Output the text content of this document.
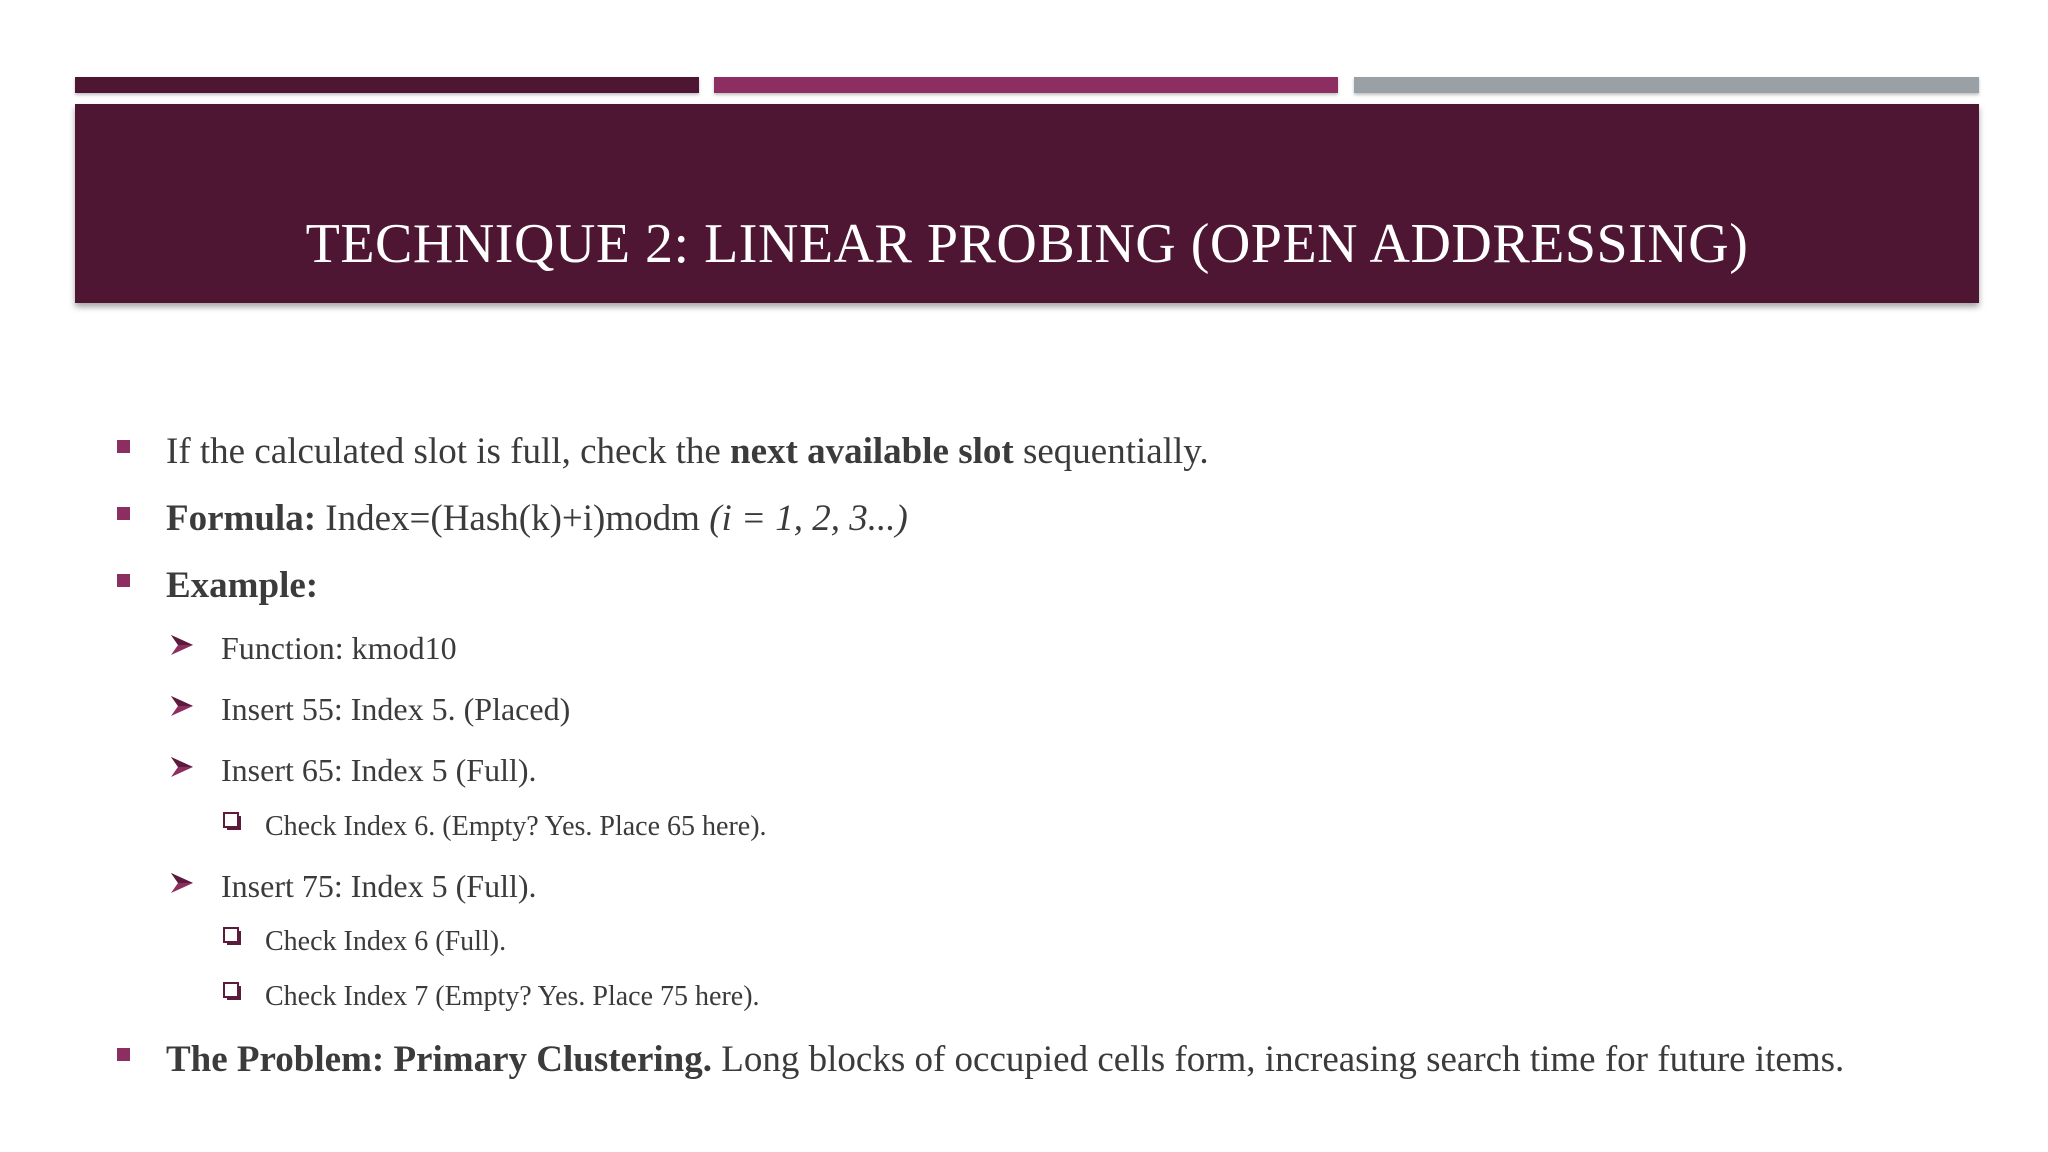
TECHNIQUE 2: LINEAR PROBING (OPEN ADDRESSING)
If the calculated slot is full, check the next available slot sequentially.
Formula: Index=(Hash(k)+i)modm (i = 1, 2, 3...)
Example:
Function: kmod10
Insert 55: Index 5. (Placed)
Insert 65: Index 5 (Full).
Check Index 6. (Empty? Yes. Place 65 here).
Insert 75: Index 5 (Full).
Check Index 6 (Full).
Check Index 7 (Empty? Yes. Place 75 here).
The Problem: Primary Clustering. Long blocks of occupied cells form, increasing search time for future items.
